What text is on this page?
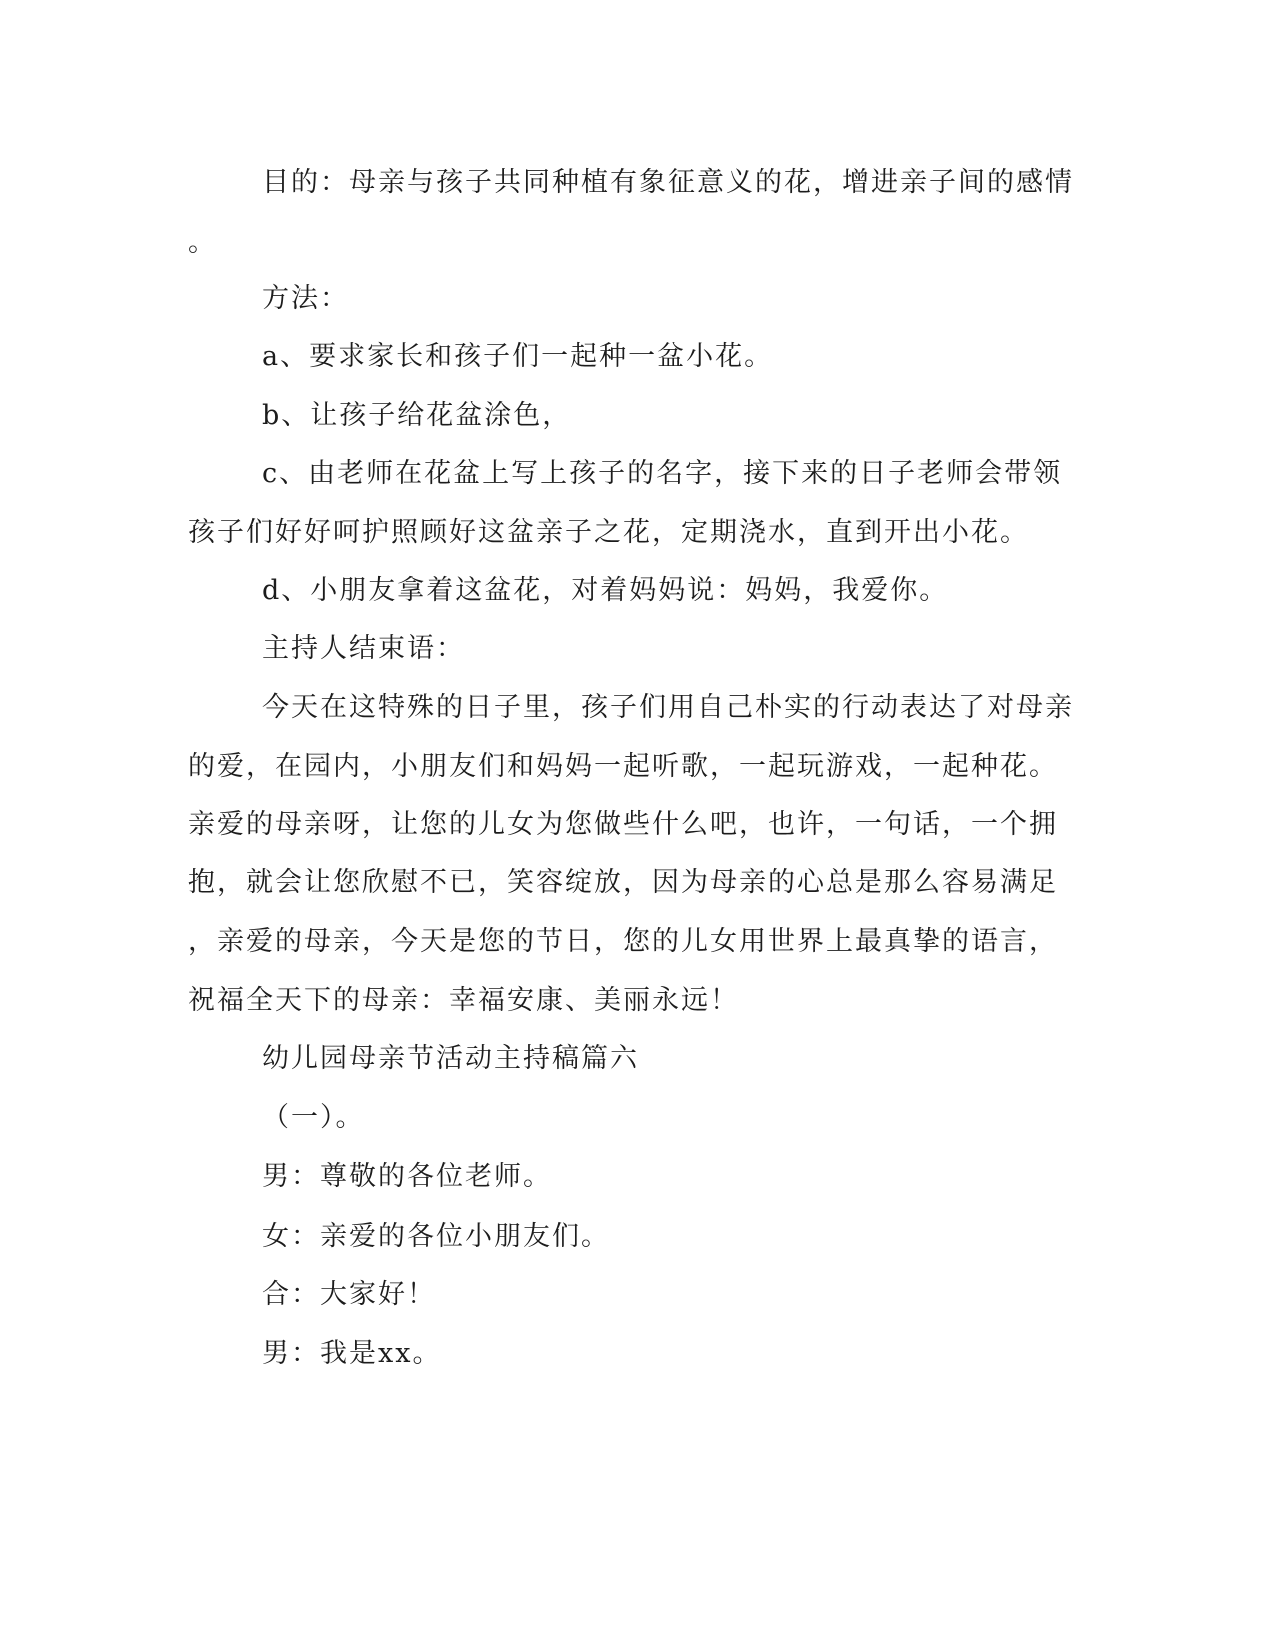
目的：母亲与孩子共同种植有象征意义的花，增进亲子间的感情
。
方法：
a、要求家长和孩子们一起种一盆小花。
b、让孩子给花盆涂色，
c、由老师在花盆上写上孩子的名字，接下来的日子老师会带领
孩子们好好呵护照顾好这盆亲子之花，定期浇水，直到开出小花。
d、小朋友拿着这盆花，对着妈妈说：妈妈，我爱你。
主持人结束语：
今天在这特殊的日子里，孩子们用自己朴实的行动表达了对母亲
的爱，在园内，小朋友们和妈妈一起听歌，一起玩游戏，一起种花。
亲爱的母亲呀，让您的儿女为您做些什么吧，也许，一句话，一个拥
抱，就会让您欣慰不已，笑容绽放，因为母亲的心总是那么容易满足
，亲爱的母亲，今天是您的节日，您的儿女用世界上最真挚的语言，
祝福全天下的母亲：幸福安康、美丽永远！
幼儿园母亲节活动主持稿篇六
（一）。
男：尊敬的各位老师。
女：亲爱的各位小朋友们。
合：大家好！
男：我是xx。
